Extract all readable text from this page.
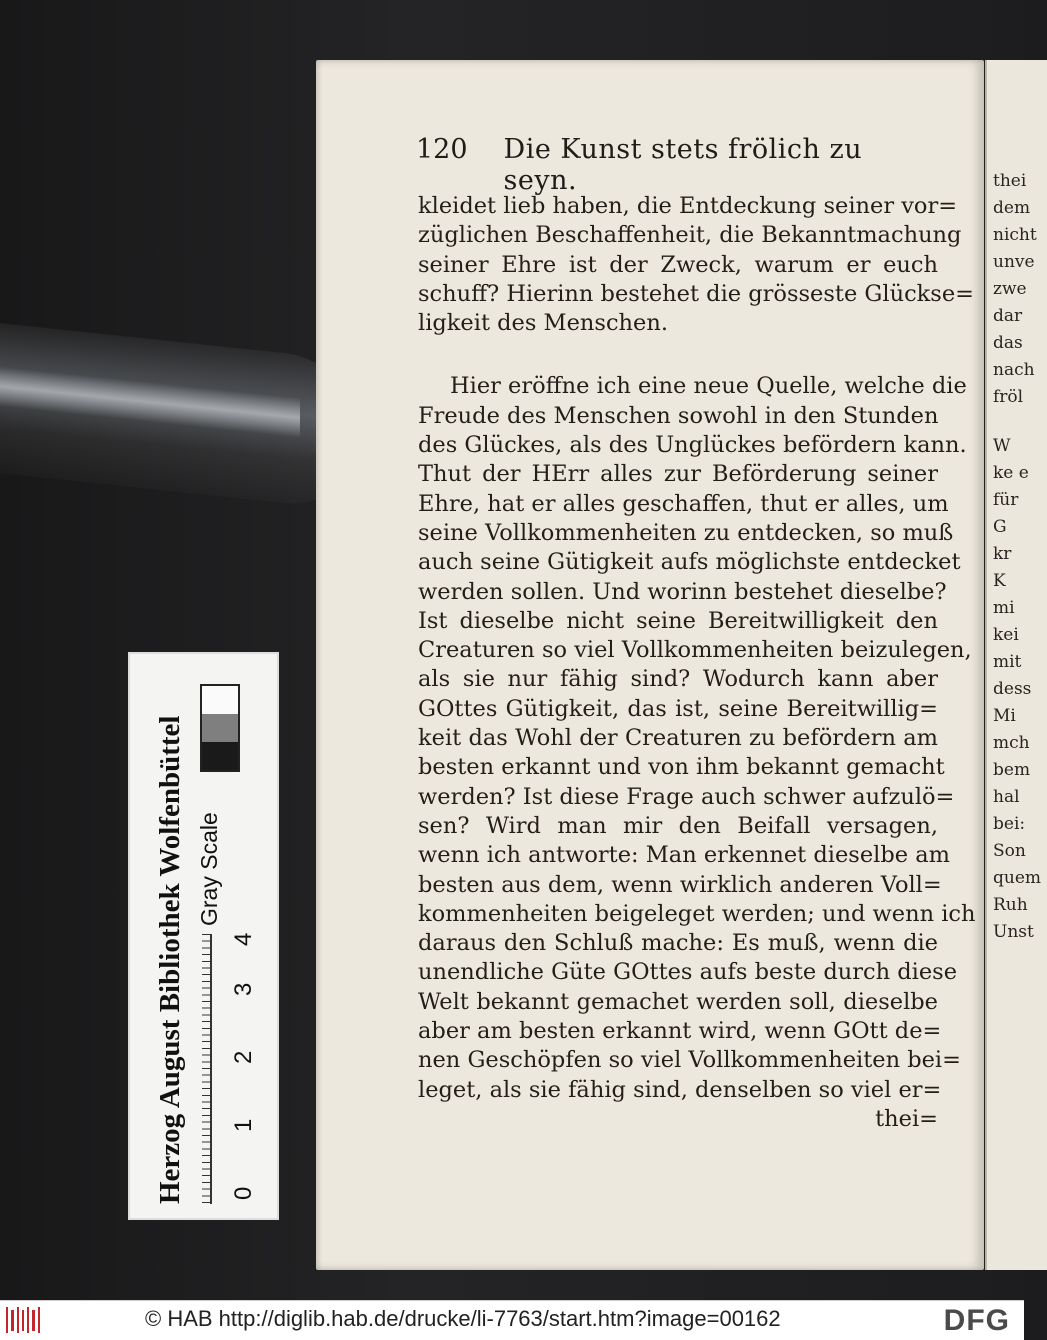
thei
dem
nicht
unve
zwe
dar
das
nach
fröl
W
ke e
für
G
kr
K
mi
kei
mit
dess
Mi
mch
bem
hal
bei:
Son
quem
Ruh
Unst
120 Die Kunst stets frölich zu seyn.
kleidet lieb haben, die Entdeckung seiner vor=
züglichen Beschaffenheit, die Bekanntmachung
seiner Ehre ist der Zweck, warum er euch
schuff? Hierinn bestehet die grösseste Glückse=
ligkeit des Menschen.
Hier eröffne ich eine neue Quelle, welche die
Freude des Menschen sowohl in den Stunden
des Glückes, als des Unglückes befördern kann.
Thut der HErr alles zur Beförderung seiner
Ehre, hat er alles geschaffen, thut er alles, um
seine Vollkommenheiten zu entdecken, so muß
auch seine Gütigkeit aufs möglichste entdecket
werden sollen. Und worinn bestehet dieselbe?
Ist dieselbe nicht seine Bereitwilligkeit den
Creaturen so viel Vollkommenheiten beizulegen,
als sie nur fähig sind? Wodurch kann aber
GOttes Gütigkeit, das ist, seine Bereitwillig=
keit das Wohl der Creaturen zu befördern am
besten erkannt und von ihm bekannt gemacht
werden? Ist diese Frage auch schwer aufzulö=
sen? Wird man mir den Beifall versagen,
wenn ich antworte: Man erkennet dieselbe am
besten aus dem, wenn wirklich anderen Voll=
kommenheiten beigeleget werden; und wenn ich
daraus den Schluß mache: Es muß, wenn die
unendliche Güte GOttes aufs beste durch diese
Welt bekannt gemachet werden soll, dieselbe
aber am besten erkannt wird, wenn GOtt de=
nen Geschöpfen so viel Vollkommenheiten bei=
leget, als sie fähig sind, denselben so viel er=
thei=
Herzog August Bibliothek Wolfenbüttel Gray Scale
0
1
2
3
4
© HAB http://diglib.hab.de/drucke/li-7763/start.htm?image=00162	DFG
